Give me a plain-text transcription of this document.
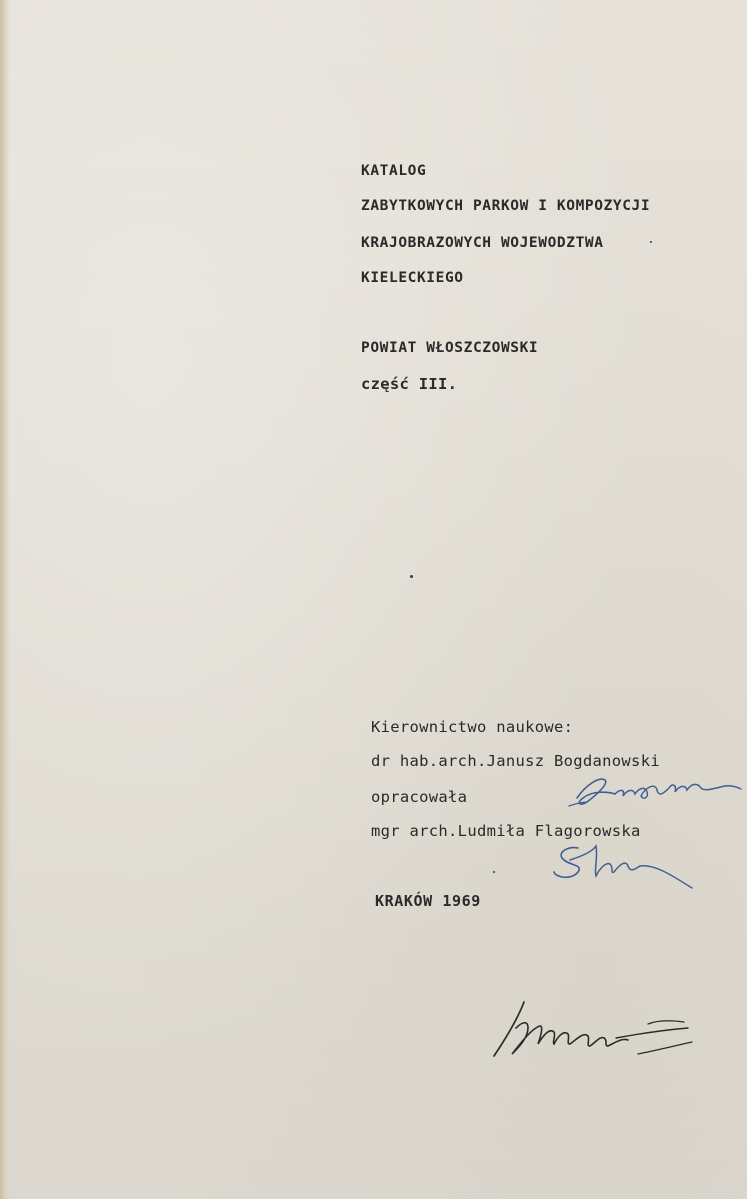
KATALOG
ZABYTKOWYCH PARKOW I KOMPOZYCJI
KRAJOBRAZOWYCH WOJEWODZTWA
KIELECKIEGO
POWIAT WŁOSZCZOWSKI
część III.
Kierownictwo naukowe:
dr hab.arch.Janusz Bogdanowski
opracowała
mgr arch.Ludmiła Flagorowska
KRAKÓW 1969
